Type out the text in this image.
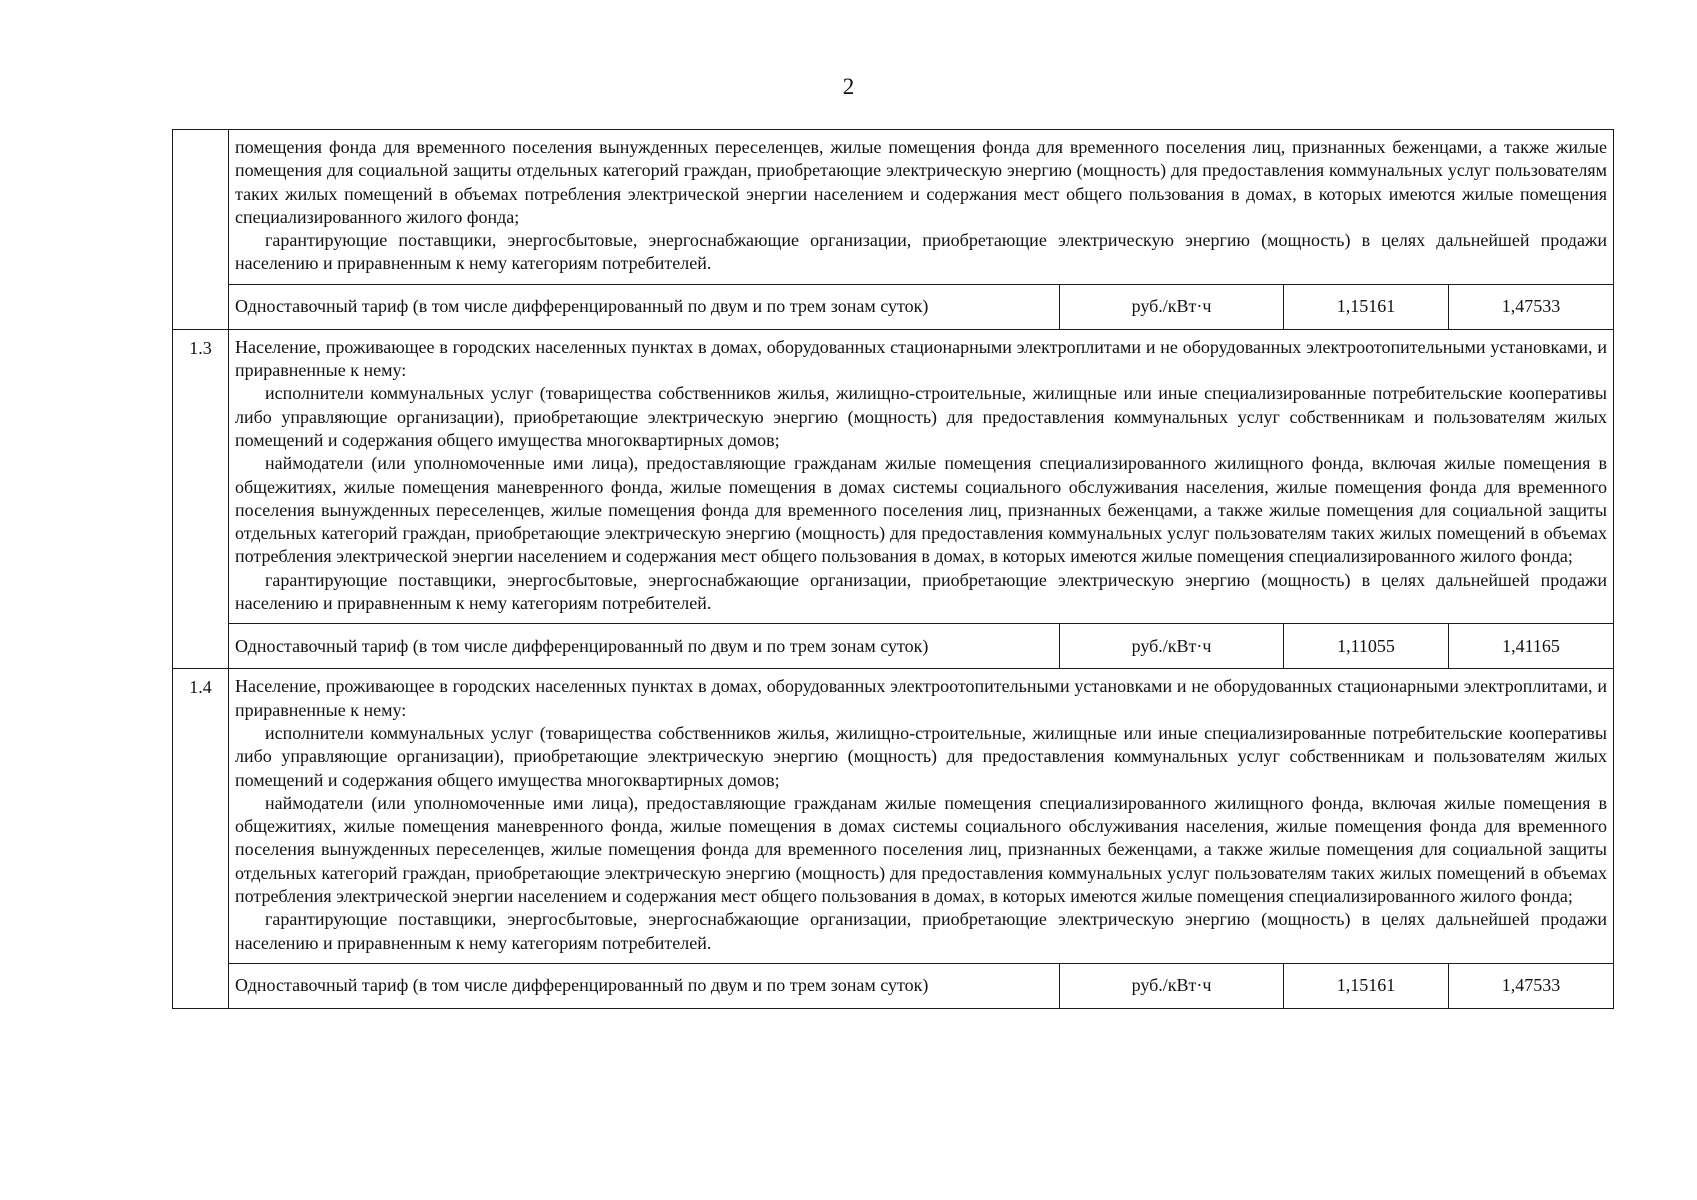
2

	помещения фонда для временного поселения вынужденных переселенцев, жилые помещения фонда для временного поселения лиц, признанных беженцами, а также жилые помещения для социальной защиты отдельных категорий граждан, приобретающие электрическую энергию (мощность) для предоставления коммунальных услуг пользователям таких жилых помещений в объемах потребления электрической энергии населением и содержания мест общего пользования в домах, в которых имеются жилые помещения специализированного жилого фонда;

гарантирующие поставщики, энергосбытовые, энергоснабжающие организации, приобретающие электрическую энергию (мощность) в целях дальнейшей продажи населению и приравненным к нему категориям потребителей.			

	Одноставочный тариф (в том числе дифференцированный по двум и по трем зонам суток)	руб./кВт·ч	1,15161	1,47533
1.3	Население, проживающее в городских населенных пунктах в домах, оборудованных стационарными электроплитами и не оборудованных электроотопительными установками, и приравненные к нему:

исполнители коммунальных услуг (товарищества собственников жилья, жилищно-строительные, жилищные или иные специализированные потребительские кооперативы либо управляющие организации), приобретающие электрическую энергию (мощность) для предоставления коммунальных услуг собственникам и пользователям жилых помещений и содержания общего имущества многоквартирных домов;

наймодатели (или уполномоченные ими лица), предоставляющие гражданам жилые помещения специализированного жилищного фонда, включая жилые помещения в общежитиях, жилые помещения маневренного фонда, жилые помещения в домах системы социального обслуживания населения, жилые помещения фонда для временного поселения вынужденных переселенцев, жилые помещения фонда для временного поселения лиц, признанных беженцами, а также жилые помещения для социальной защиты отдельных категорий граждан, приобретающие электрическую энергию (мощность) для предоставления коммунальных услуг пользователям таких жилых помещений в объемах потребления электрической энергии населением и содержания мест общего пользования в домах, в которых имеются жилые помещения специализированного жилого фонда;

гарантирующие поставщики, энергосбытовые, энергоснабжающие организации, приобретающие электрическую энергию (мощность) в целях дальнейшей продажи населению и приравненным к нему категориям потребителей.			

	Одноставочный тариф (в том числе дифференцированный по двум и по трем зонам суток)	руб./кВт·ч	1,11055	1,41165
1.4	Население, проживающее в городских населенных пунктах в домах, оборудованных электроотопительными установками и не оборудованных стационарными электроплитами, и приравненные к нему:

исполнители коммунальных услуг (товарищества собственников жилья, жилищно-строительные, жилищные или иные специализированные потребительские кооперативы либо управляющие организации), приобретающие электрическую энергию (мощность) для предоставления коммунальных услуг собственникам и пользователям жилых помещений и содержания общего имущества многоквартирных домов;

наймодатели (или уполномоченные ими лица), предоставляющие гражданам жилые помещения специализированного жилищного фонда, включая жилые помещения в общежитиях, жилые помещения маневренного фонда, жилые помещения в домах системы социального обслуживания населения, жилые помещения фонда для временного поселения вынужденных переселенцев, жилые помещения фонда для временного поселения лиц, признанных беженцами, а также жилые помещения для социальной защиты отдельных категорий граждан, приобретающие электрическую энергию (мощность) для предоставления коммунальных услуг пользователям таких жилых помещений в объемах потребления электрической энергии населением и содержания мест общего пользования в домах, в которых имеются жилые помещения специализированного жилого фонда;

гарантирующие поставщики, энергосбытовые, энергоснабжающие организации, приобретающие электрическую энергию (мощность) в целях дальнейшей продажи населению и приравненным к нему категориям потребителей.			

	Одноставочный тариф (в том числе дифференцированный по двум и по трем зонам суток)	руб./кВт·ч	1,15161	1,47533
